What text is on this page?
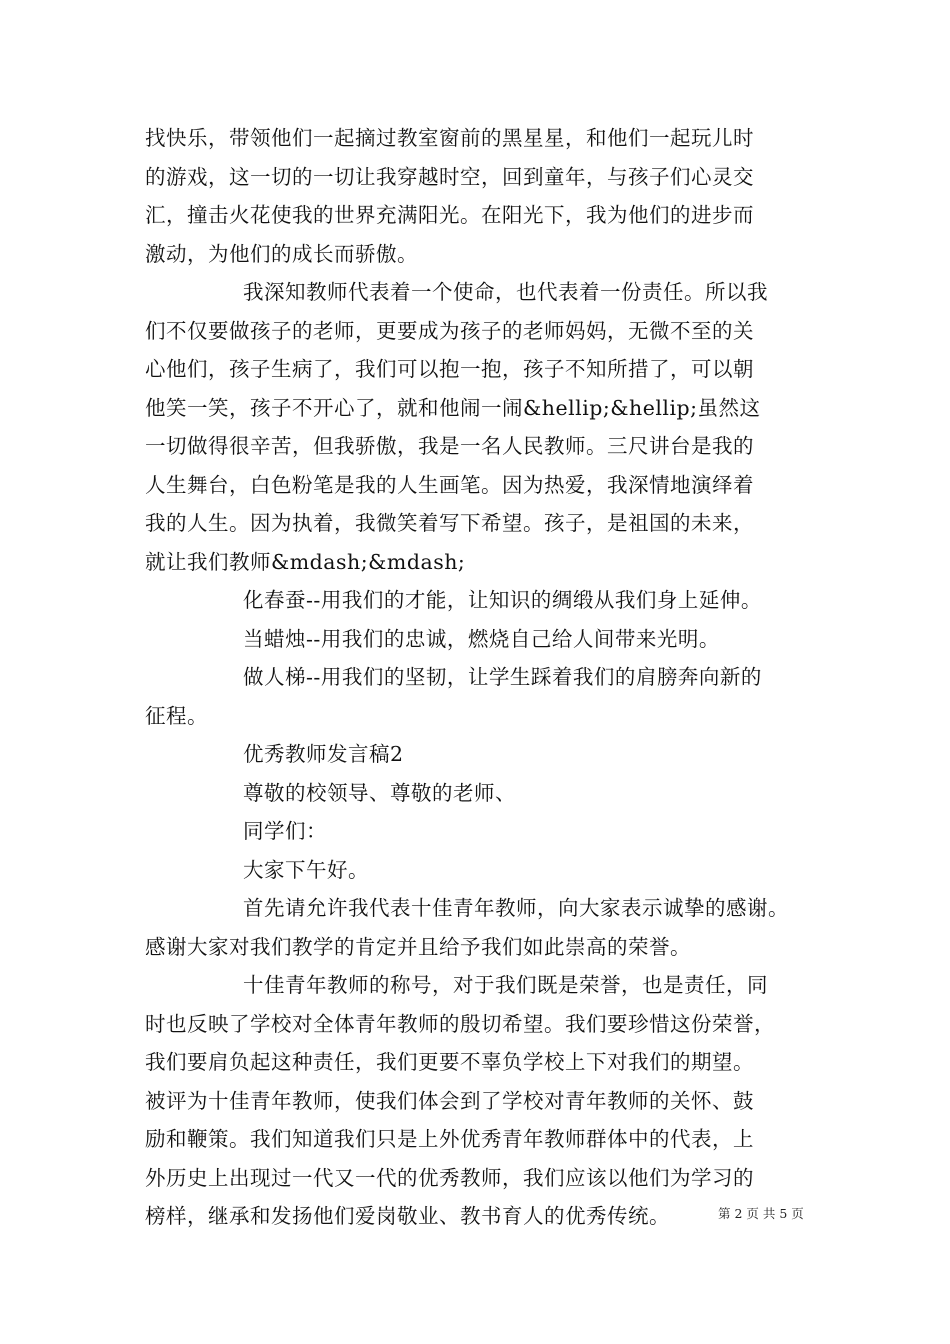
找快乐，带领他们一起摘过教室窗前的黑星星，和他们一起玩儿时
的游戏，这一切的一切让我穿越时空，回到童年，与孩子们心灵交
汇，撞击火花使我的世界充满阳光。在阳光下，我为他们的进步而
激动，为他们的成长而骄傲。
我深知教师代表着一个使命，也代表着一份责任。所以我
们不仅要做孩子的老师，更要成为孩子的老师妈妈，无微不至的关
心他们，孩子生病了，我们可以抱一抱，孩子不知所措了，可以朝
他笑一笑，孩子不开心了，就和他闹一闹&hellip;&hellip;虽然这
一切做得很辛苦，但我骄傲，我是一名人民教师。三尺讲台是我的
人生舞台，白色粉笔是我的人生画笔。因为热爱，我深情地演绎着
我的人生。因为执着，我微笑着写下希望。孩子，是祖国的未来，
就让我们教师&mdash;&mdash;
化春蚕--用我们的才能，让知识的绸缎从我们身上延伸。
当蜡烛--用我们的忠诚，燃烧自己给人间带来光明。
做人梯--用我们的坚韧，让学生踩着我们的肩膀奔向新的
征程。
优秀教师发言稿2
尊敬的校领导、尊敬的老师、
同学们：
大家下午好。
首先请允许我代表十佳青年教师，向大家表示诚挚的感谢。
感谢大家对我们教学的肯定并且给予我们如此崇高的荣誉。
十佳青年教师的称号，对于我们既是荣誉，也是责任，同
时也反映了学校对全体青年教师的殷切希望。我们要珍惜这份荣誉，
我们要肩负起这种责任，我们更要不辜负学校上下对我们的期望。
被评为十佳青年教师，使我们体会到了学校对青年教师的关怀、鼓
励和鞭策。我们知道我们只是上外优秀青年教师群体中的代表，上
外历史上出现过一代又一代的优秀教师，我们应该以他们为学习的
榜样，继承和发扬他们爱岗敬业、教书育人的优秀传统。	第 2 页 共 5 页
